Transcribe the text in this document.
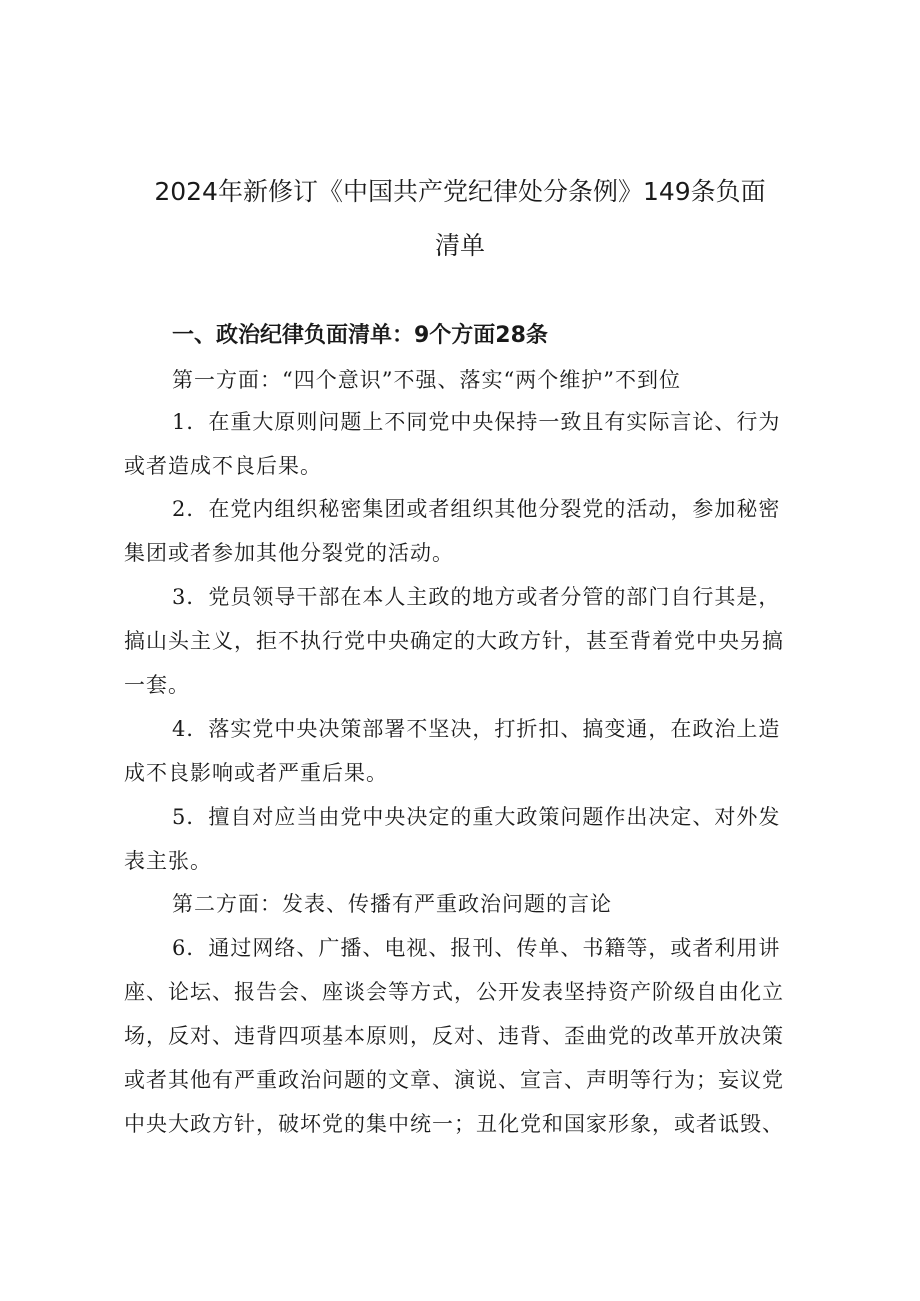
2024年新修订《中国共产党纪律处分条例》149条负面
清单
一、政治纪律负面清单：9个方面28条

第一方面：“四个意识”不强、落实“两个维护”不到位

1．在重大原则问题上不同党中央保持一致且有实际言论、行为
或者造成不良后果。

2．在党内组织秘密集团或者组织其他分裂党的活动，参加秘密
集团或者参加其他分裂党的活动。

3．党员领导干部在本人主政的地方或者分管的部门自行其是，
搞山头主义，拒不执行党中央确定的大政方针，甚至背着党中央另搞
一套。

4．落实党中央决策部署不坚决，打折扣、搞变通，在政治上造
成不良影响或者严重后果。

5．擅自对应当由党中央决定的重大政策问题作出决定、对外发
表主张。

第二方面：发表、传播有严重政治问题的言论

6．通过网络、广播、电视、报刊、传单、书籍等，或者利用讲
座、论坛、报告会、座谈会等方式，公开发表坚持资产阶级自由化立
场，反对、违背四项基本原则，反对、违背、歪曲党的改革开放决策
或者其他有严重政治问题的文章、演说、宣言、声明等行为；妄议党
中央大政方针，破坏党的集中统一；丑化党和国家形象，或者诋毁、
